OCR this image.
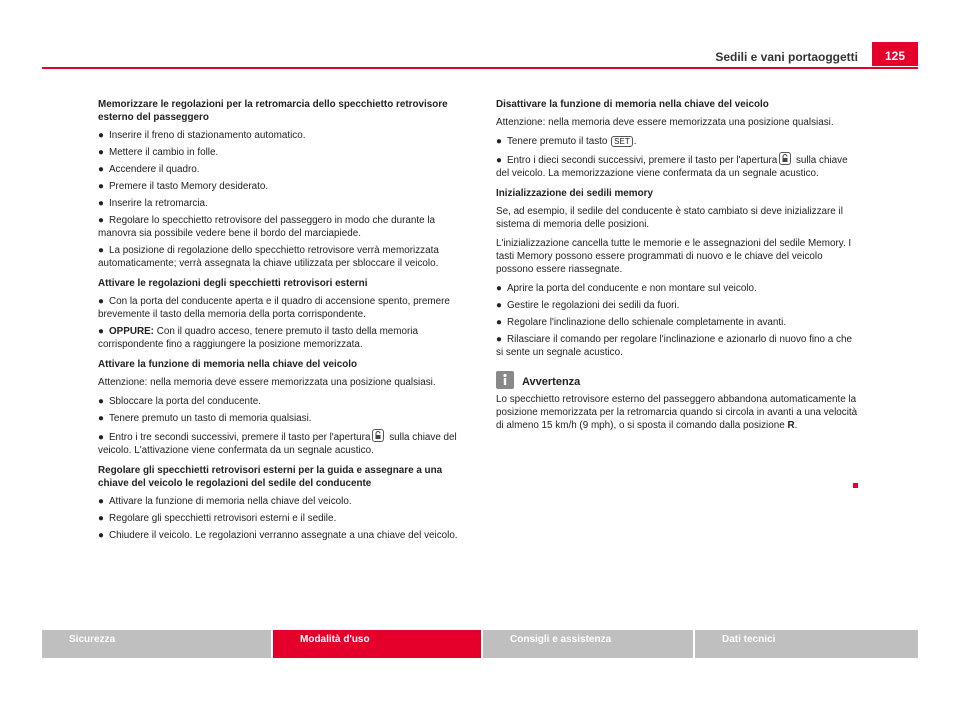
Sedili e vani portaoggetti	125

Memorizzare le regolazioni per la retromarcia dello specchietto retrovisore esterno del passeggero

● Inserire il freno di stazionamento automatico.
● Mettere il cambio in folle.
● Accendere il quadro.
● Premere il tasto Memory desiderato.
● Inserire la retromarcia.
● Regolare lo specchietto retrovisore del passeggero in modo che durante la manovra sia possibile vedere bene il bordo del marciapiede.
● La posizione di regolazione dello specchietto retrovisore verrà memorizzata automaticamente; verrà assegnata la chiave utilizzata per sbloccare il veicolo.

Attivare le regolazioni degli specchietti retrovisori esterni

● Con la porta del conducente aperta e il quadro di accensione spento, premere brevemente il tasto della memoria della porta corrispondente.
● OPPURE: Con il quadro acceso, tenere premuto il tasto della memoria corrispondente fino a raggiungere la posizione memorizzata.

Attivare la funzione di memoria nella chiave del veicolo

Attenzione: nella memoria deve essere memorizzata una posizione qualsiasi.

● Sbloccare la porta del conducente.
● Tenere premuto un tasto di memoria qualsiasi.
● Entro i tre secondi successivi, premere il tasto per l'apertura
sulla chiave del veicolo. L'attivazione viene confermata da un segnale acustico.

Regolare gli specchietti retrovisori esterni per la guida e assegnare a una chiave del veicolo le regolazioni del sedile del conducente

● Attivare la funzione di memoria nella chiave del veicolo.
● Regolare gli specchietti retrovisori esterni e il sedile.
● Chiudere il veicolo. Le regolazioni verranno assegnate a una chiave del veicolo.

Disattivare la funzione di memoria nella chiave del veicolo

Attenzione: nella memoria deve essere memorizzata una posizione qualsiasi.

● Tenere premuto il tasto SET .
● Entro i dieci secondi successivi, premere il tasto per l'apertura
sulla chiave del veicolo. La memorizzazione viene confermata da un segnale acustico.

Inizializzazione dei sedili memory

Se, ad esempio, il sedile del conducente è stato cambiato si deve inizializzare il sistema di memoria delle posizioni.

L'inizializzazione cancella tutte le memorie e le assegnazioni del sedile Memory. I tasti Memory possono essere programmati di nuovo e le chiave del veicolo possono essere riassegnate.

● Aprire la porta del conducente e non montare sul veicolo.
● Gestire le regolazioni dei sedili da fuori.
● Regolare l'inclinazione dello schienale completamente in avanti.
● Rilasciare il comando per regolare l'inclinazione e azionarlo di nuovo fino a che si sente un segnale acustico.
Avvertenza

Lo specchietto retrovisore esterno del passeggero abbandona automaticamente la posizione memorizzata per la retromarcia quando si circola in avanti a una velocità di almeno 15 km/h (9 mph), o si sposta il comando dalla posizione R.

Sicurezza	Modalità d'uso	Consigli e assistenza	Dati tecnici
